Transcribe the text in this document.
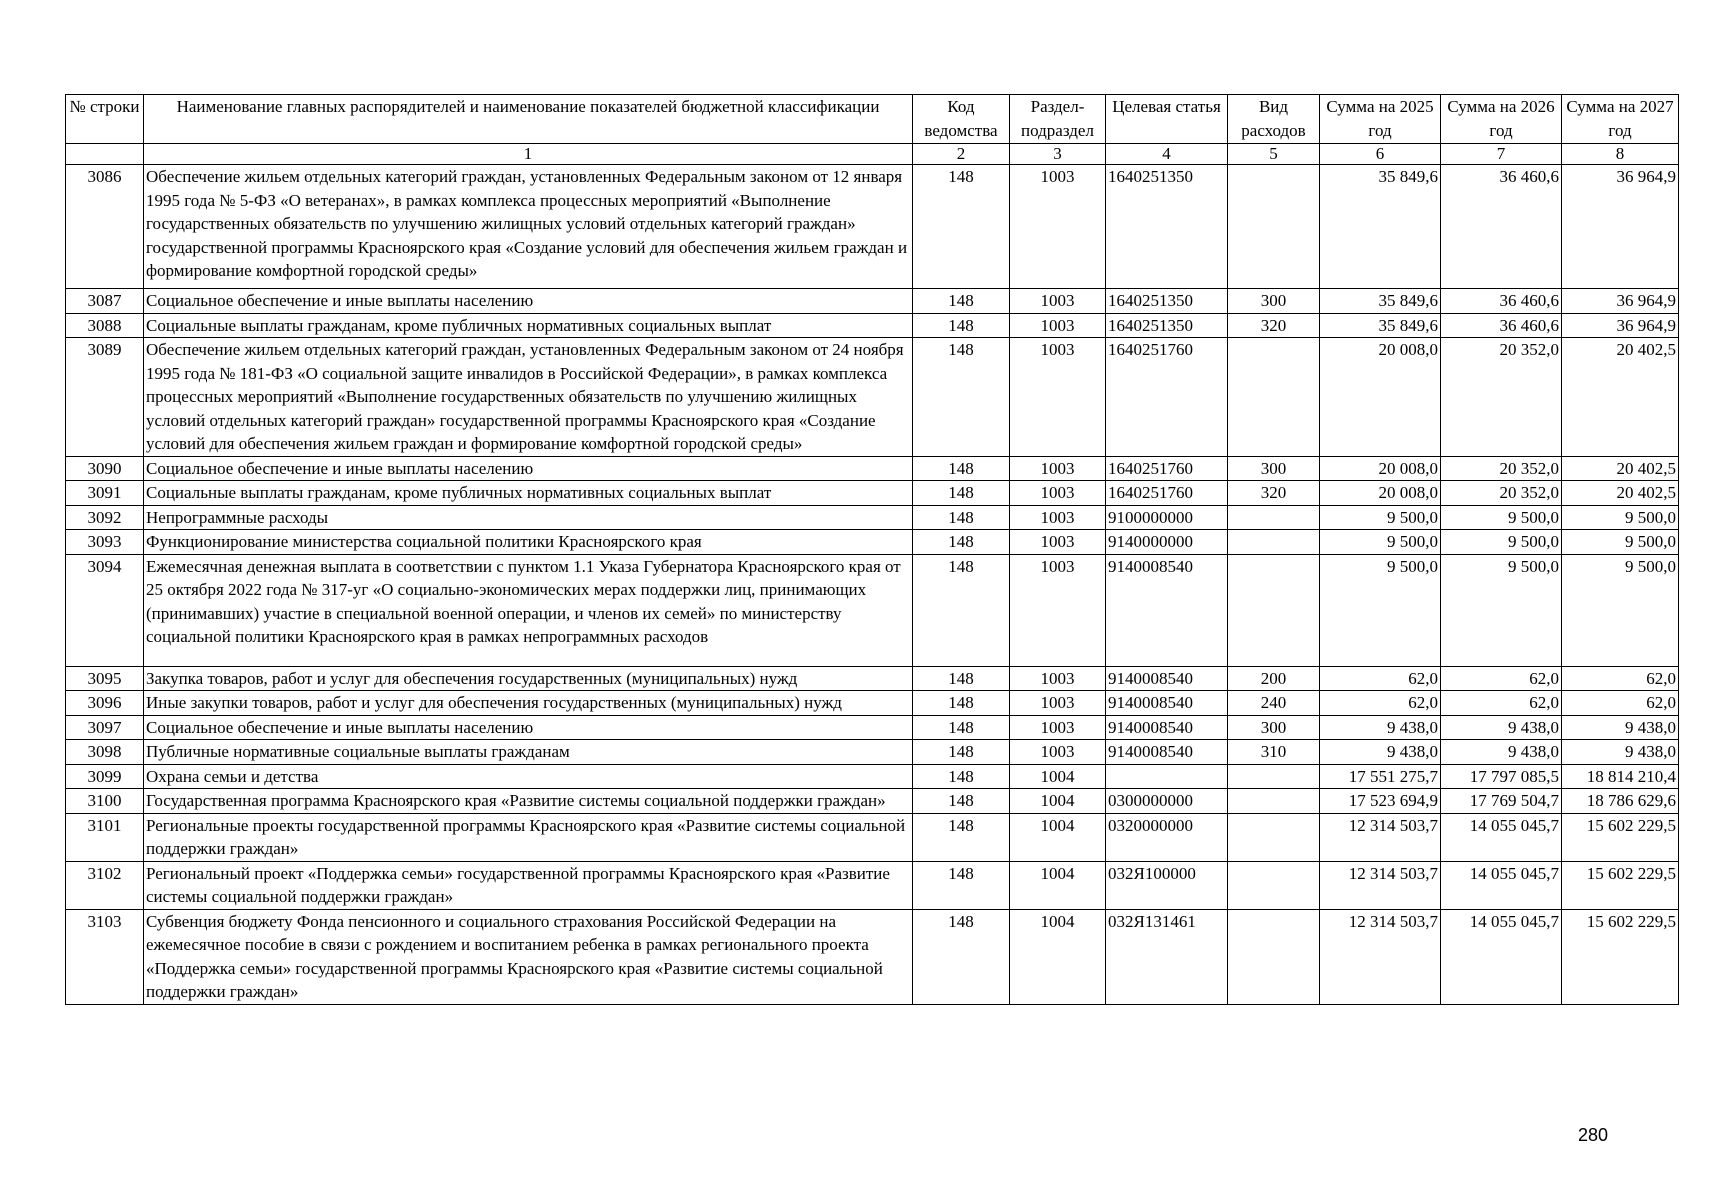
№ строки	Наименование главных распорядителей и наименование показателей бюджетной классификации	Код ведомства	Раздел-подраздел	Целевая статья	Вид расходов	Сумма на 2025 год	Сумма на 2026 год	Сумма на 2027 год
	1	2	3	4	5	6	7	8
3086	Обеспечение жильем отдельных категорий граждан, установленных Федеральным законом от 12 января 1995 года № 5-ФЗ «О ветеранах», в рамках комплекса процессных мероприятий «Выполнение государственных обязательств по улучшению жилищных условий отдельных категорий граждан» государственной программы Красноярского края «Создание условий для обеспечения жильем граждан и формирование комфортной городской среды»	148	1003	1640251350		35 849,6	36 460,6	36 964,9
3087	Социальное обеспечение и иные выплаты населению	148	1003	1640251350	300	35 849,6	36 460,6	36 964,9
3088	Социальные выплаты гражданам, кроме публичных нормативных социальных выплат	148	1003	1640251350	320	35 849,6	36 460,6	36 964,9
3089	Обеспечение жильем отдельных категорий граждан, установленных Федеральным законом от 24 ноября 1995 года № 181-ФЗ «О социальной защите инвалидов в Российской Федерации», в рамках комплекса процессных мероприятий «Выполнение государственных обязательств по улучшению жилищных условий отдельных категорий граждан» государственной программы Красноярского края «Создание условий для обеспечения жильем граждан и формирование комфортной городской среды»	148	1003	1640251760		20 008,0	20 352,0	20 402,5
3090	Социальное обеспечение и иные выплаты населению	148	1003	1640251760	300	20 008,0	20 352,0	20 402,5
3091	Социальные выплаты гражданам, кроме публичных нормативных социальных выплат	148	1003	1640251760	320	20 008,0	20 352,0	20 402,5
3092	Непрограммные расходы	148	1003	9100000000		9 500,0	9 500,0	9 500,0
3093	Функционирование министерства социальной политики Красноярского края	148	1003	9140000000		9 500,0	9 500,0	9 500,0
3094	Ежемесячная денежная выплата в соответствии с пунктом 1.1 Указа Губернатора Красноярского края от 25 октября 2022 года № 317-уг «О социально-экономических мерах поддержки лиц, принимающих (принимавших) участие в специальной военной операции, и членов их семей» по министерству социальной политики Красноярского края в рамках непрограммных расходов	148	1003	9140008540		9 500,0	9 500,0	9 500,0
3095	Закупка товаров, работ и услуг для обеспечения государственных (муниципальных) нужд	148	1003	9140008540	200	62,0	62,0	62,0
3096	Иные закупки товаров, работ и услуг для обеспечения государственных (муниципальных) нужд	148	1003	9140008540	240	62,0	62,0	62,0
3097	Социальное обеспечение и иные выплаты населению	148	1003	9140008540	300	9 438,0	9 438,0	9 438,0
3098	Публичные нормативные социальные выплаты гражданам	148	1003	9140008540	310	9 438,0	9 438,0	9 438,0
3099	Охрана семьи и детства	148	1004			17 551 275,7	17 797 085,5	18 814 210,4
3100	Государственная программа Красноярского края «Развитие системы социальной поддержки граждан»	148	1004	0300000000		17 523 694,9	17 769 504,7	18 786 629,6
3101	Региональные проекты государственной программы Красноярского края «Развитие системы социальной поддержки граждан»	148	1004	0320000000		12 314 503,7	14 055 045,7	15 602 229,5
3102	Региональный проект «Поддержка семьи» государственной программы Красноярского края «Развитие системы социальной поддержки граждан»	148	1004	032Я100000		12 314 503,7	14 055 045,7	15 602 229,5
3103	Субвенция бюджету Фонда пенсионного и социального страхования Российской Федерации на ежемесячное пособие в связи с рождением и воспитанием ребенка в рамках регионального проекта «Поддержка семьи» государственной программы Красноярского края «Развитие системы социальной поддержки граждан»	148	1004	032Я131461		12 314 503,7	14 055 045,7	15 602 229,5
280
